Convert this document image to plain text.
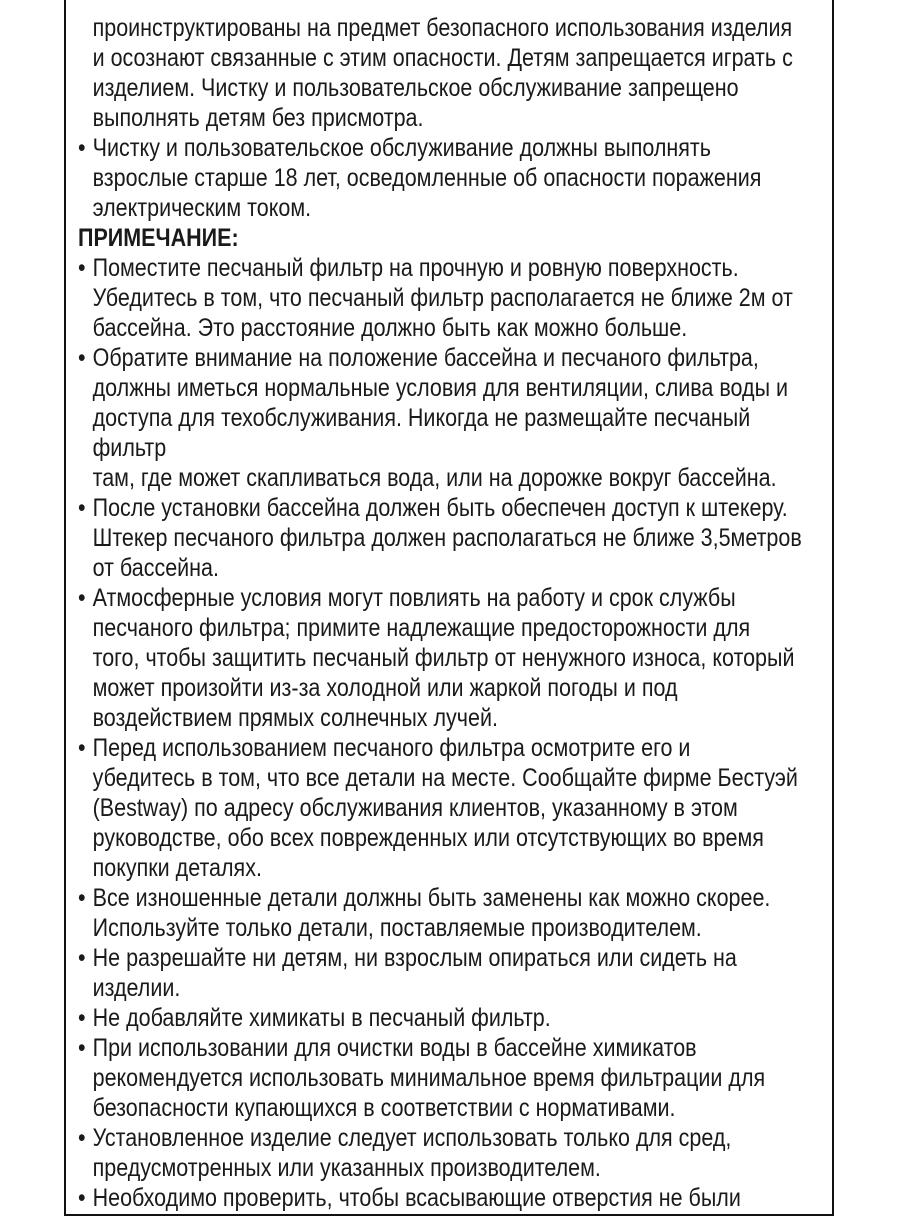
проинструктированы на предмет безопасного использования изделия
и осознают связанные с этим опасности. Детям запрещается играть с
изделием. Чистку и пользовательское обслуживание запрещено
выполнять детям без присмотра.
• Чистку и пользовательское обслуживание должны выполнять
взрослые старше 18 лет, осведомленные об опасности поражения
электрическим током.
ПРИМЕЧАНИЕ:
• Поместите песчаный фильтр на прочную и ровную поверхность.
Убедитесь в том, что песчаный фильтр располагается не ближе 2м от
бассейна. Это расстояние должно быть как можно больше.
• Обратите внимание на положение бассейна и песчаного фильтра,
должны иметься нормальные условия для вентиляции, слива воды и
доступа для техобслуживания. Никогда не размещайте песчаный фильтр
там, где может скапливаться вода, или на дорожке вокруг бассейна.
• После установки бассейна должен быть обеспечен доступ к штекеру.
Штекер песчаного фильтра должен располагаться не ближе 3,5метров
от бассейна.
• Атмосферные условия могут повлиять на работу и срок службы
песчаного фильтра; примите надлежащие предосторожности для
того, чтобы защитить песчаный фильтр от ненужного износа, который
может произойти из-за холодной или жаркой погоды и под
воздействием прямых солнечных лучей.
• Перед использованием песчаного фильтра осмотрите его и
убедитесь в том, что все детали на месте. Сообщайте фирме Бестуэй
(Bestway) по адресу обслуживания клиентов, указанному в этом
руководстве, обо всех поврежденных или отсутствующих во время
покупки деталях.
• Все изношенные детали должны быть заменены как можно скорее.
Используйте только детали, поставляемые производителем.
• Не разрешайте ни детям, ни взрослым опираться или сидеть на
изделии.
• Не добавляйте химикаты в песчаный фильтр.
• При использовании для очистки воды в бассейне химикатов
рекомендуется использовать минимальное время фильтрации для
безопасности купающихся в соответствии с нормативами.
• Установленное изделие следует использовать только для сред,
предусмотренных или указанных производителем.
• Необходимо проверить, чтобы всасывающие отверстия не были
